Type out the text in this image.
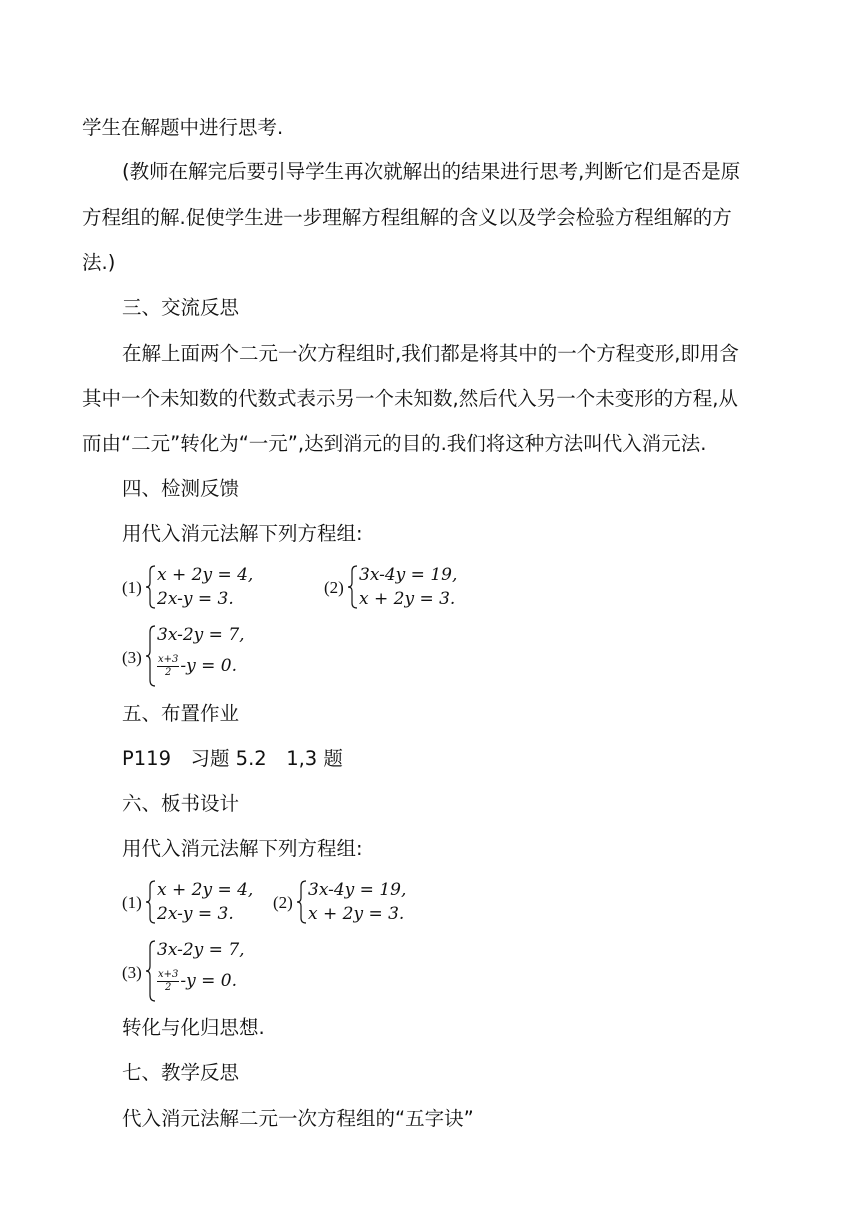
学生在解题中进行思考.
(教师在解完后要引导学生再次就解出的结果进行思考,判断它们是否是原
方程组的解.促使学生进一步理解方程组解的含义以及学会检验方程组解的方
法.)
三、交流反思
在解上面两个二元一次方程组时,我们都是将其中的一个方程变形,即用含
其中一个未知数的代数式表示另一个未知数,然后代入另一个未变形的方程,从
而由“二元”转化为“一元”,达到消元的目的.我们将这种方法叫代入消元法.
四、检测反馈
用代入消元法解下列方程组:
(1)
x + 2y = 4,
2x-y = 3.
(2)
3x-4y = 19,
x + 2y = 3.
(3)
3x-2y = 7,
$\frac{x+3}{2} -y = 0$.
五、布置作业
P119　习题 5.2　1,3 题
六、板书设计
用代入消元法解下列方程组:
(1)
x + 2y = 4,
2x-y = 3.
(2)
3x-4y = 19,
x + 2y = 3.
(3)
3x-2y = 7,
$\frac{x+3}{2} -y = 0$.
转化与化归思想.
七、教学反思
代入消元法解二元一次方程组的“五字诀”
